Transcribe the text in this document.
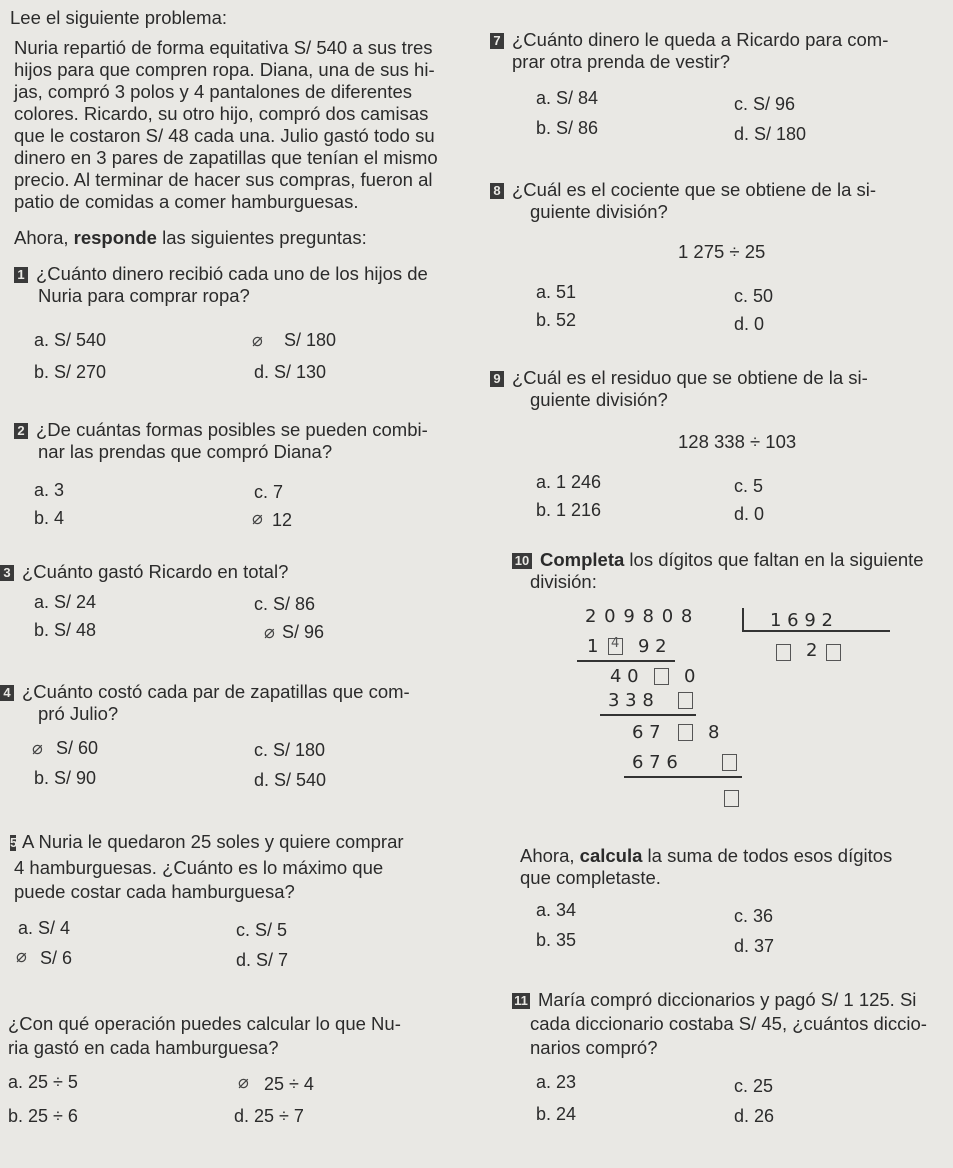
Lee el siguiente problema:
Nuria repartió de forma equitativa S/ 540 a sus tres
hijos para que compren ropa. Diana, una de sus hi-
jas, compró 3 polos y 4 pantalones de diferentes
colores. Ricardo, su otro hijo, compró dos camisas
que le costaron S/ 48 cada una. Julio gastó todo su
dinero en 3 pares de zapatillas que tenían el mismo
precio. Al terminar de hacer sus compras, fueron al
patio de comidas a comer hamburguesas.
Ahora, responde las siguientes preguntas:
1 ¿Cuánto dinero recibió cada uno de los hijos de
Nuria para comprar ropa?
a. S/ 540
b. S/ 270
⌀ S/ 180
d. S/ 130
2 ¿De cuántas formas posibles se pueden combi-
nar las prendas que compró Diana?
a. 3
b. 4
c. 7
⌀ 12
3 ¿Cuánto gastó Ricardo en total?
a. S/ 24
b. S/ 48
c. S/ 86
⌀ S/ 96
4 ¿Cuánto costó cada par de zapatillas que com-
pró Julio?
⌀ S/ 60
b. S/ 90
c. S/ 180
d. S/ 540
5 A Nuria le quedaron 25 soles y quiere comprar
4 hamburguesas. ¿Cuánto es lo máximo que
puede costar cada hamburguesa?
a. S/ 4
⌀ S/ 6
c. S/ 5
d. S/ 7
¿Con qué operación puedes calcular lo que Nu-
ria gastó en cada hamburguesa?
a. 25 ÷ 5
b. 25 ÷ 6
⌀ 25 ÷ 4
d. 25 ÷ 7
7 ¿Cuánto dinero le queda a Ricardo para com-
prar otra prenda de vestir?
a. S/ 84
b. S/ 86
c. S/ 96
d. S/ 180
8 ¿Cuál es el cociente que se obtiene de la si-
guiente división?
1 275 ÷ 25
a. 51
b. 52
c. 50
d. 0
9 ¿Cuál es el residuo que se obtiene de la si-
guiente división?
128 338 ÷ 103
a. 1 246
b. 1 216
c. 5
d. 0
10 Completa los dígitos que faltan en la siguiente
división:
2 0 9 8 0 8	1 6 9 2
2
1 4 9 2
4 0	0
3 3 8
6 7	8
6 7 6
Ahora, calcula la suma de todos esos dígitos
que completaste.
a. 34
b. 35
c. 36
d. 37
11 María compró diccionarios y pagó S/ 1 125. Si
cada diccionario costaba S/ 45, ¿cuántos diccio-
narios compró?
a. 23
b. 24
c. 25
d. 26
